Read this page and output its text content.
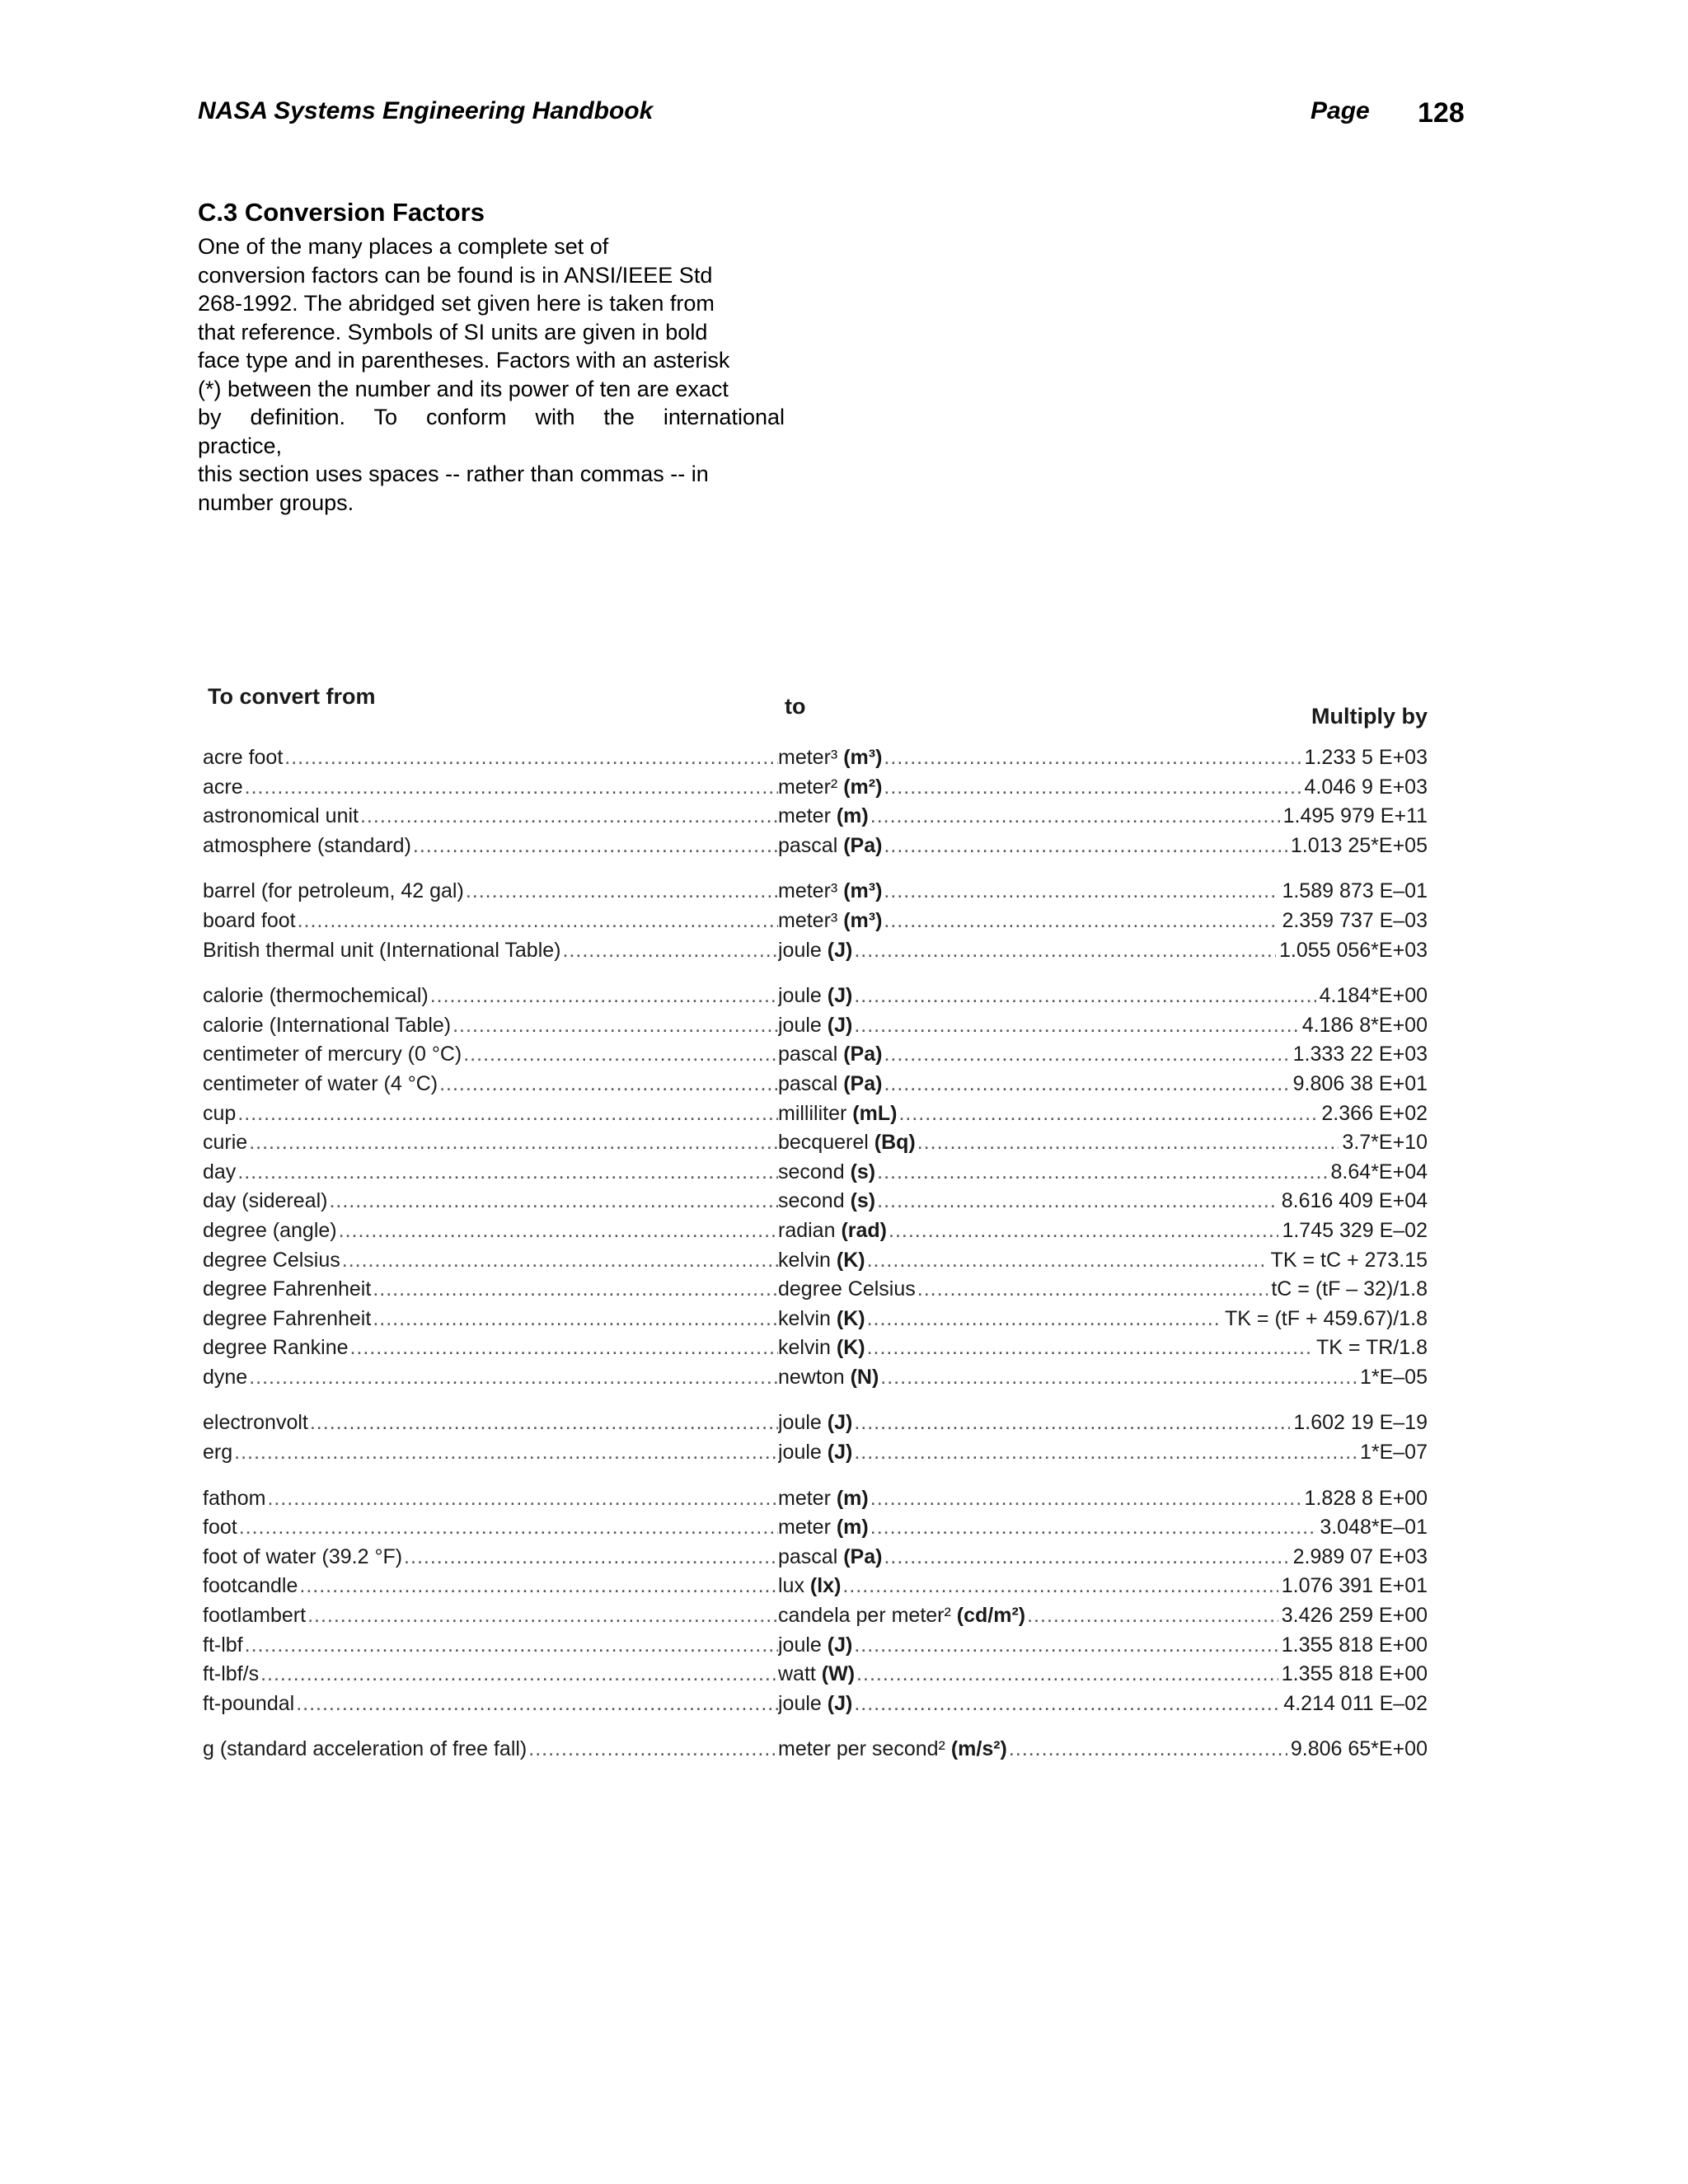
NASA Systems Engineering Handbook	Page 128
C.3 Conversion Factors

One of the many places a complete set of

conversion factors can be found is in ANSI/IEEE Std

268-1992. The abridged set given here is taken from

that reference. Symbols of SI units are given in bold

face type and in parentheses. Factors with an asterisk

(*) between the number and its power of ten are exact

by definition. To conform with the international

practice,

this section uses spaces -- rather than commas -- in

number groups.

To convert from	to	Multiply by
acre foot .....	meter³ (m³) .....	1.233 5 E+03
acre .....	meter² (m²) .....	4.046 9 E+03
astronomical unit .....	meter (m) .....	1.495 979 E+11
atmosphere (standard) .....	pascal (Pa) .....	1.013 25*E+05
barrel (for petroleum, 42 gal) .....	meter³ (m³) .....	1.589 873 E–01
board foot .....	meter³ (m³) .....	2.359 737 E–03
British thermal unit (International Table) .....	joule (J) .....	1.055 056*E+03
calorie (thermochemical) .....	joule (J) .....	4.184*E+00
calorie (International Table) .....	joule (J) .....	4.186 8*E+00
centimeter of mercury (0 °C) .....	pascal (Pa) .....	1.333 22 E+03
centimeter of water (4 °C) .....	pascal (Pa) .....	9.806 38 E+01
cup .....	milliliter (mL) .....	2.366 E+02
curie .....	becquerel (Bq) .....	3.7*E+10
day .....	second (s) .....	8.64*E+04
day (sidereal) .....	second (s) .....	8.616 409 E+04
degree (angle) .....	radian (rad) .....	1.745 329 E–02
degree Celsius .....	kelvin (K) .....	TK = tC + 273.15
degree Fahrenheit .....	degree Celsius .....	tC = (tF – 32)/1.8
degree Fahrenheit .....	kelvin (K) .....	TK = (tF + 459.67)/1.8
degree Rankine .....	kelvin (K) .....	TK = TR/1.8
dyne .....	newton (N) .....	1*E–05
electronvolt .....	joule (J) .....	1.602 19 E–19
erg .....	joule (J) .....	1*E–07
fathom .....	meter (m) .....	1.828 8 E+00
foot .....	meter (m) .....	3.048*E–01
foot of water (39.2 °F) .....	pascal (Pa) .....	2.989 07 E+03
footcandle .....	lux (lx) .....	1.076 391 E+01
footlambert .....	candela per meter² (cd/m²) .....	3.426 259 E+00
ft-lbf .....	joule (J) .....	1.355 818 E+00
ft-lbf/s .....	watt (W) .....	1.355 818 E+00
ft-poundal .....	joule (J) .....	4.214 011 E–02
g (standard acceleration of free fall) .....	meter per second² (m/s²) .....	9.806 65*E+00
